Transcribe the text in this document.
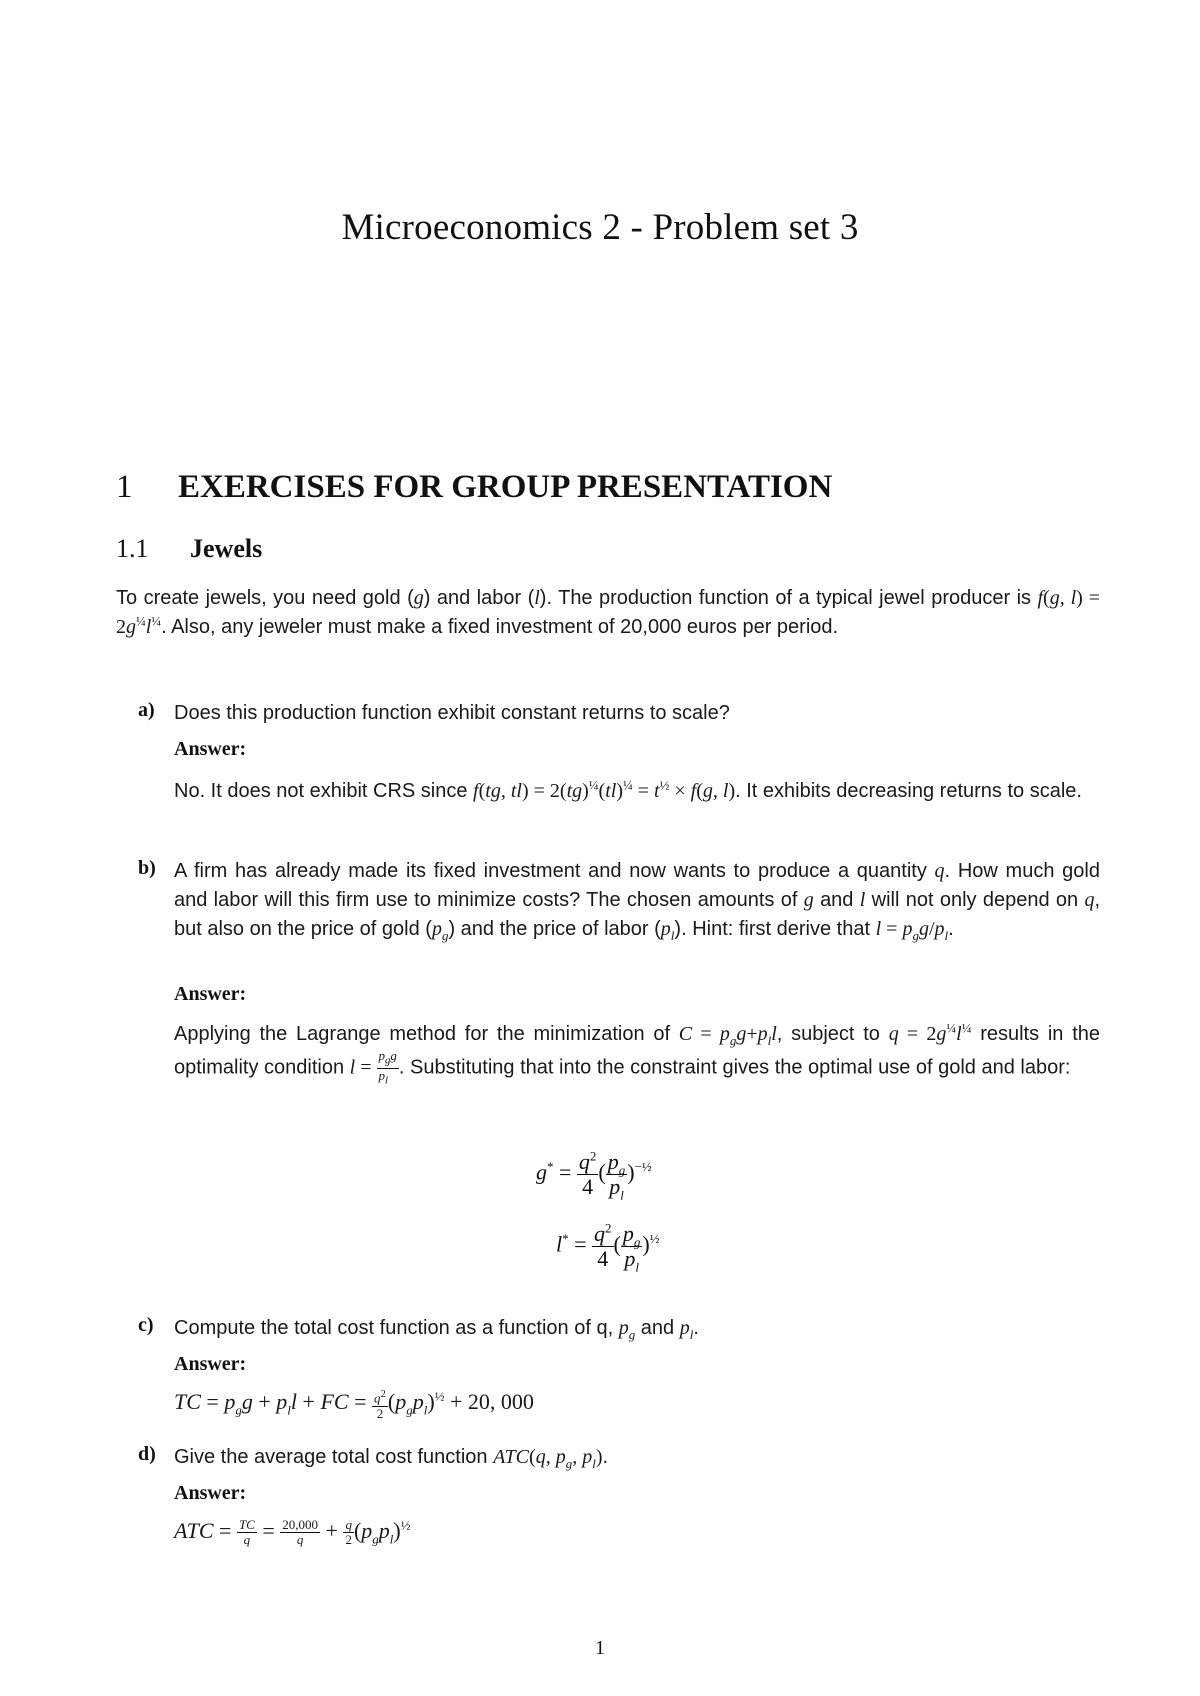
Microeconomics 2 - Problem set 3
1 EXERCISES FOR GROUP PRESENTATION
1.1 Jewels
To create jewels, you need gold (g) and labor (l). The production function of a typical jewel producer is f(g, $l) = 2g^{\frac{1}{4}}l^{\frac{1}{4}}$. Also, any jeweler must make a fixed investment of 20,000 euros per period.
a) Does this production function exhibit constant returns to scale?
Answer:
No. It does not exhibit CRS since f(tg, $tl) = 2(tg)^{\frac{1}{4}}(tl)^{\frac{1}{4}} = t^{\frac{1}{2}} \times f(g$, l). It exhibits decreasing returns to scale.
b) A firm has already made its fixed investment and now wants to produce a quantity q. How much gold and labor will this firm use to minimize costs? The chosen amounts of g and l will not only depend on q, but also on the price of gold $(p_g)$ and the price of labor $(p_l)$. Hint: first derive that $l = p_gg/p_l$.
Answer:
Applying the Lagrange method for the minimization of $C = p_gg+p_ll$, subject to $q = 2g^{\frac{1}{4}}l^{\frac{1}{4}}$ results in the optimality condition $l = \frac{p_gg}{p_l}$ . Substituting that into the constraint gives the optimal use of gold and labor:
$g^* = \frac{q^2}{4}$ ( $\frac{p_g}{p_l} )^{-\frac{1}{2}}$
$l^* = \frac{q^2}{4}$ ( $\frac{p_g}{p_l} )^{\frac{1}{2}}$
c) Compute the total cost function as a function of q, $p_g$ and $p_l$.
Answer:
TC = $p_gg + p_ll$ + FC = $\frac{q^2}{2} (p_gp_l)^{\frac{1}{2}} + 20$, 000
d) Give the average total cost function ATC(q, $p_g$, $p_l$).
Answer:
ATC = $\frac{TC}{q} = \frac{20,000}{q} + \frac{q}{2} (p_gp_l)^{\frac{1}{2}}$
1
